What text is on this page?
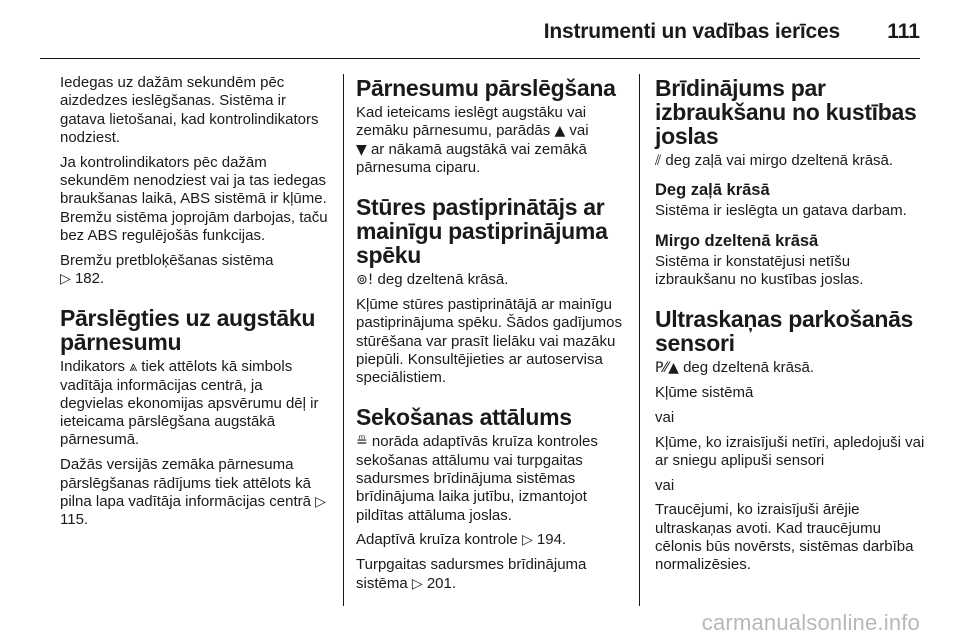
Instrumenti un vadības ierīces 111

Iedegas uz dažām sekundēm pēc aizdedzes ieslēgšanas. Sistēma ir gatava lietošanai, kad kontrolindikators nodziest.

Ja kontrolindikators pēc dažām sekundēm nenodziest vai ja tas iedegas braukšanas laikā, ABS sistēmā ir kļūme. Bremžu sistēma joprojām darbojas, taču bez ABS regulējošās funkcijas.

Bremžu pretbloķēšanas sistēma
▷ 182.

Pārslēgties uz augstāku pārnesumu

Indikators ⩓ tiek attēlots kā simbols vadītāja informācijas centrā, ja degvielas ekonomijas apsvērumu dēļ ir ieteicama pārslēgšana augstākā pārnesumā.

Dažās versijās zemāka pārnesuma pārslēgšanas rādījums tiek attēlots kā pilna lapa vadītāja informācijas centrā ▷ 115.

Pārnesumu pārslēgšana

Kad ieteicams ieslēgt augstāku vai zemāku pārnesumu, parādās ▲ vai
▼ ar nākamā augstākā vai zemākā pārnesuma ciparu.

Stūres pastiprinātājs ar mainīgu pastiprinājuma spēku

⊚! deg dzeltenā krāsā.

Kļūme stūres pastiprinātājā ar mainīgu pastiprinājuma spēku. Šādos gadījumos stūrēšana var prasīt lielāku vai mazāku piepūli. Konsultējieties ar autoservisa speciālistiem.

Sekošanas attālums

≞ norāda adaptīvās kruīza kontroles sekošanas attālumu vai turpgaitas sadursmes brīdinājuma sistēmas brīdinājuma laika jutību, izmantojot pildītas attāluma joslas.

Adaptīvā kruīza kontrole ▷ 194.

Turpgaitas sadursmes brīdinājuma sistēma ▷ 201.

Brīdinājums par izbraukšanu no kustības joslas

⫽ deg zaļā vai mirgo dzeltenā krāsā.

Deg zaļā krāsā

Sistēma ir ieslēgta un gatava darbam.

Mirgo dzeltenā krāsā

Sistēma ir konstatējusi netīšu izbraukšanu no kustības joslas.

Ultraskaņas parkošanās sensori

P⁄⁄▲ deg dzeltenā krāsā.

Kļūme sistēmā

vai

Kļūme, ko izraisījuši netīri, apledojuši vai ar sniegu aplipuši sensori

vai

Traucējumi, ko izraisījuši ārējie ultraskaņas avoti. Kad traucējumu cēlonis būs novērsts, sistēmas darbība normalizēsies.

carmanualsonline.info
